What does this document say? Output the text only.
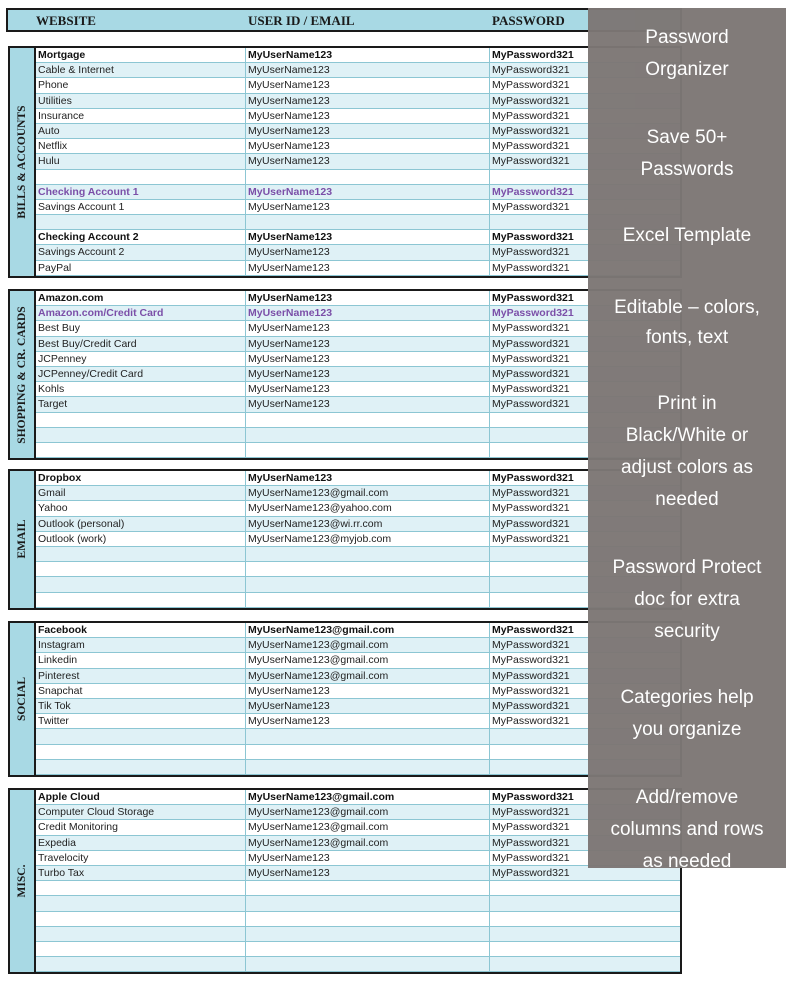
WEBSITE	USER ID / EMAIL	PASSWORD
BILLS & ACCOUNTS
Mortgage	MyUserName123	MyPassword321
Cable & Internet	MyUserName123	MyPassword321
Phone	MyUserName123	MyPassword321
Utilities	MyUserName123	MyPassword321
Insurance	MyUserName123	MyPassword321
Auto	MyUserName123	MyPassword321
Netflix	MyUserName123	MyPassword321
Hulu	MyUserName123	MyPassword321
Checking Account 1	MyUserName123	MyPassword321
Savings Account 1	MyUserName123	MyPassword321
Checking Account 2	MyUserName123	MyPassword321
Savings Account 2	MyUserName123	MyPassword321
PayPal	MyUserName123	MyPassword321
SHOPPING & CR. CARDS
Amazon.com	MyUserName123	MyPassword321
Amazon.com/Credit Card	MyUserName123	MyPassword321
Best Buy	MyUserName123	MyPassword321
Best Buy/Credit Card	MyUserName123	MyPassword321
JCPenney	MyUserName123	MyPassword321
JCPenney/Credit Card	MyUserName123	MyPassword321
Kohls	MyUserName123	MyPassword321
Target	MyUserName123	MyPassword321
EMAIL
Dropbox	MyUserName123	MyPassword321
Gmail	MyUserName123@gmail.com	MyPassword321
Yahoo	MyUserName123@yahoo.com	MyPassword321
Outlook (personal)	MyUserName123@wi.rr.com	MyPassword321
Outlook (work)	MyUserName123@myjob.com	MyPassword321
SOCIAL
Facebook	MyUserName123@gmail.com	MyPassword321
Instagram	MyUserName123@gmail.com	MyPassword321
Linkedin	MyUserName123@gmail.com	MyPassword321
Pinterest	MyUserName123@gmail.com	MyPassword321
Snapchat	MyUserName123	MyPassword321
Tik Tok	MyUserName123	MyPassword321
Twitter	MyUserName123	MyPassword321
MISC.
Apple Cloud	MyUserName123@gmail.com	MyPassword321
Computer Cloud Storage	MyUserName123@gmail.com	MyPassword321
Credit Monitoring	MyUserName123@gmail.com	MyPassword321
Expedia	MyUserName123@gmail.com	MyPassword321
Travelocity	MyUserName123	MyPassword321
Turbo Tax	MyUserName123	MyPassword321
Password
Organizer
Save 50+
Passwords
Excel Template
Editable – colors,
fonts, text
Print in
Black/White or
adjust colors as
needed
Password Protect
doc for extra
security
Categories help
you organize
Add/remove
columns and rows
as needed
